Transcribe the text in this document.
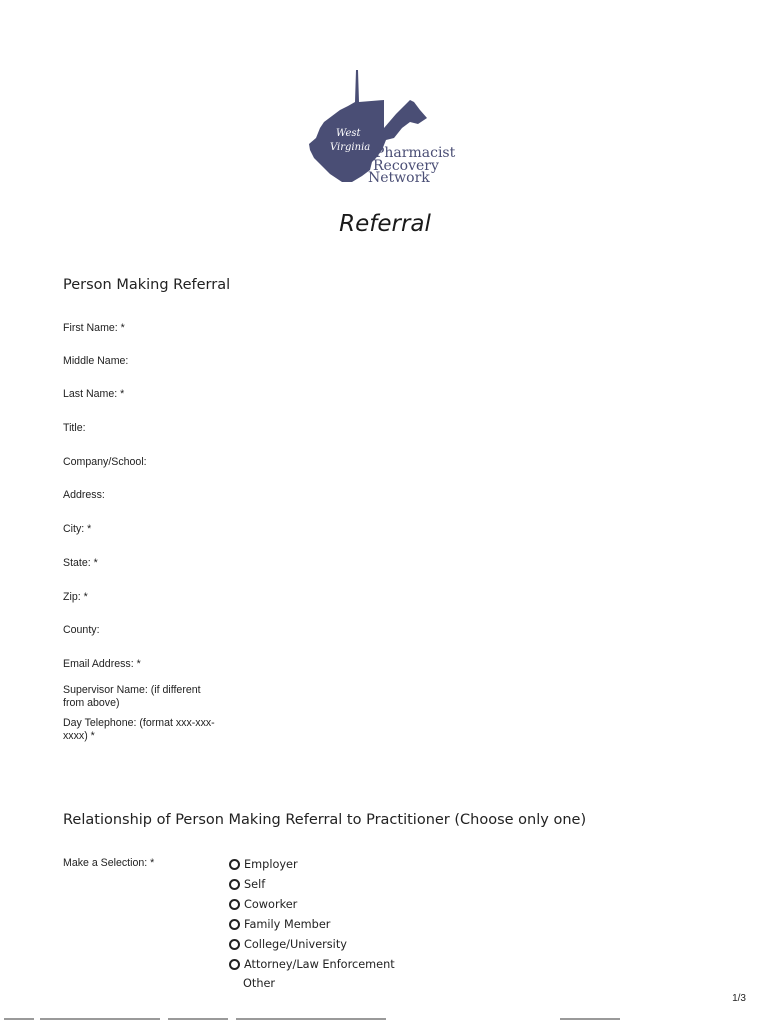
West
Virginia Pharmacist
Recovery
Network
Referral
Person Making Referral
First Name: *
Middle Name:
Last Name: *
Title:
Company/School:
Address:
City: *
State: *
Zip: *
County:
Email Address: *
Supervisor Name: (if different from above)
Day Telephone: (format xxx-xxx-xxxx) *
Relationship of Person Making Referral to Practitioner (Choose only one)
Make a Selection: *	Employer
Self
Coworker
Family Member
College/University
Attorney/Law Enforcement
Other
1/3
